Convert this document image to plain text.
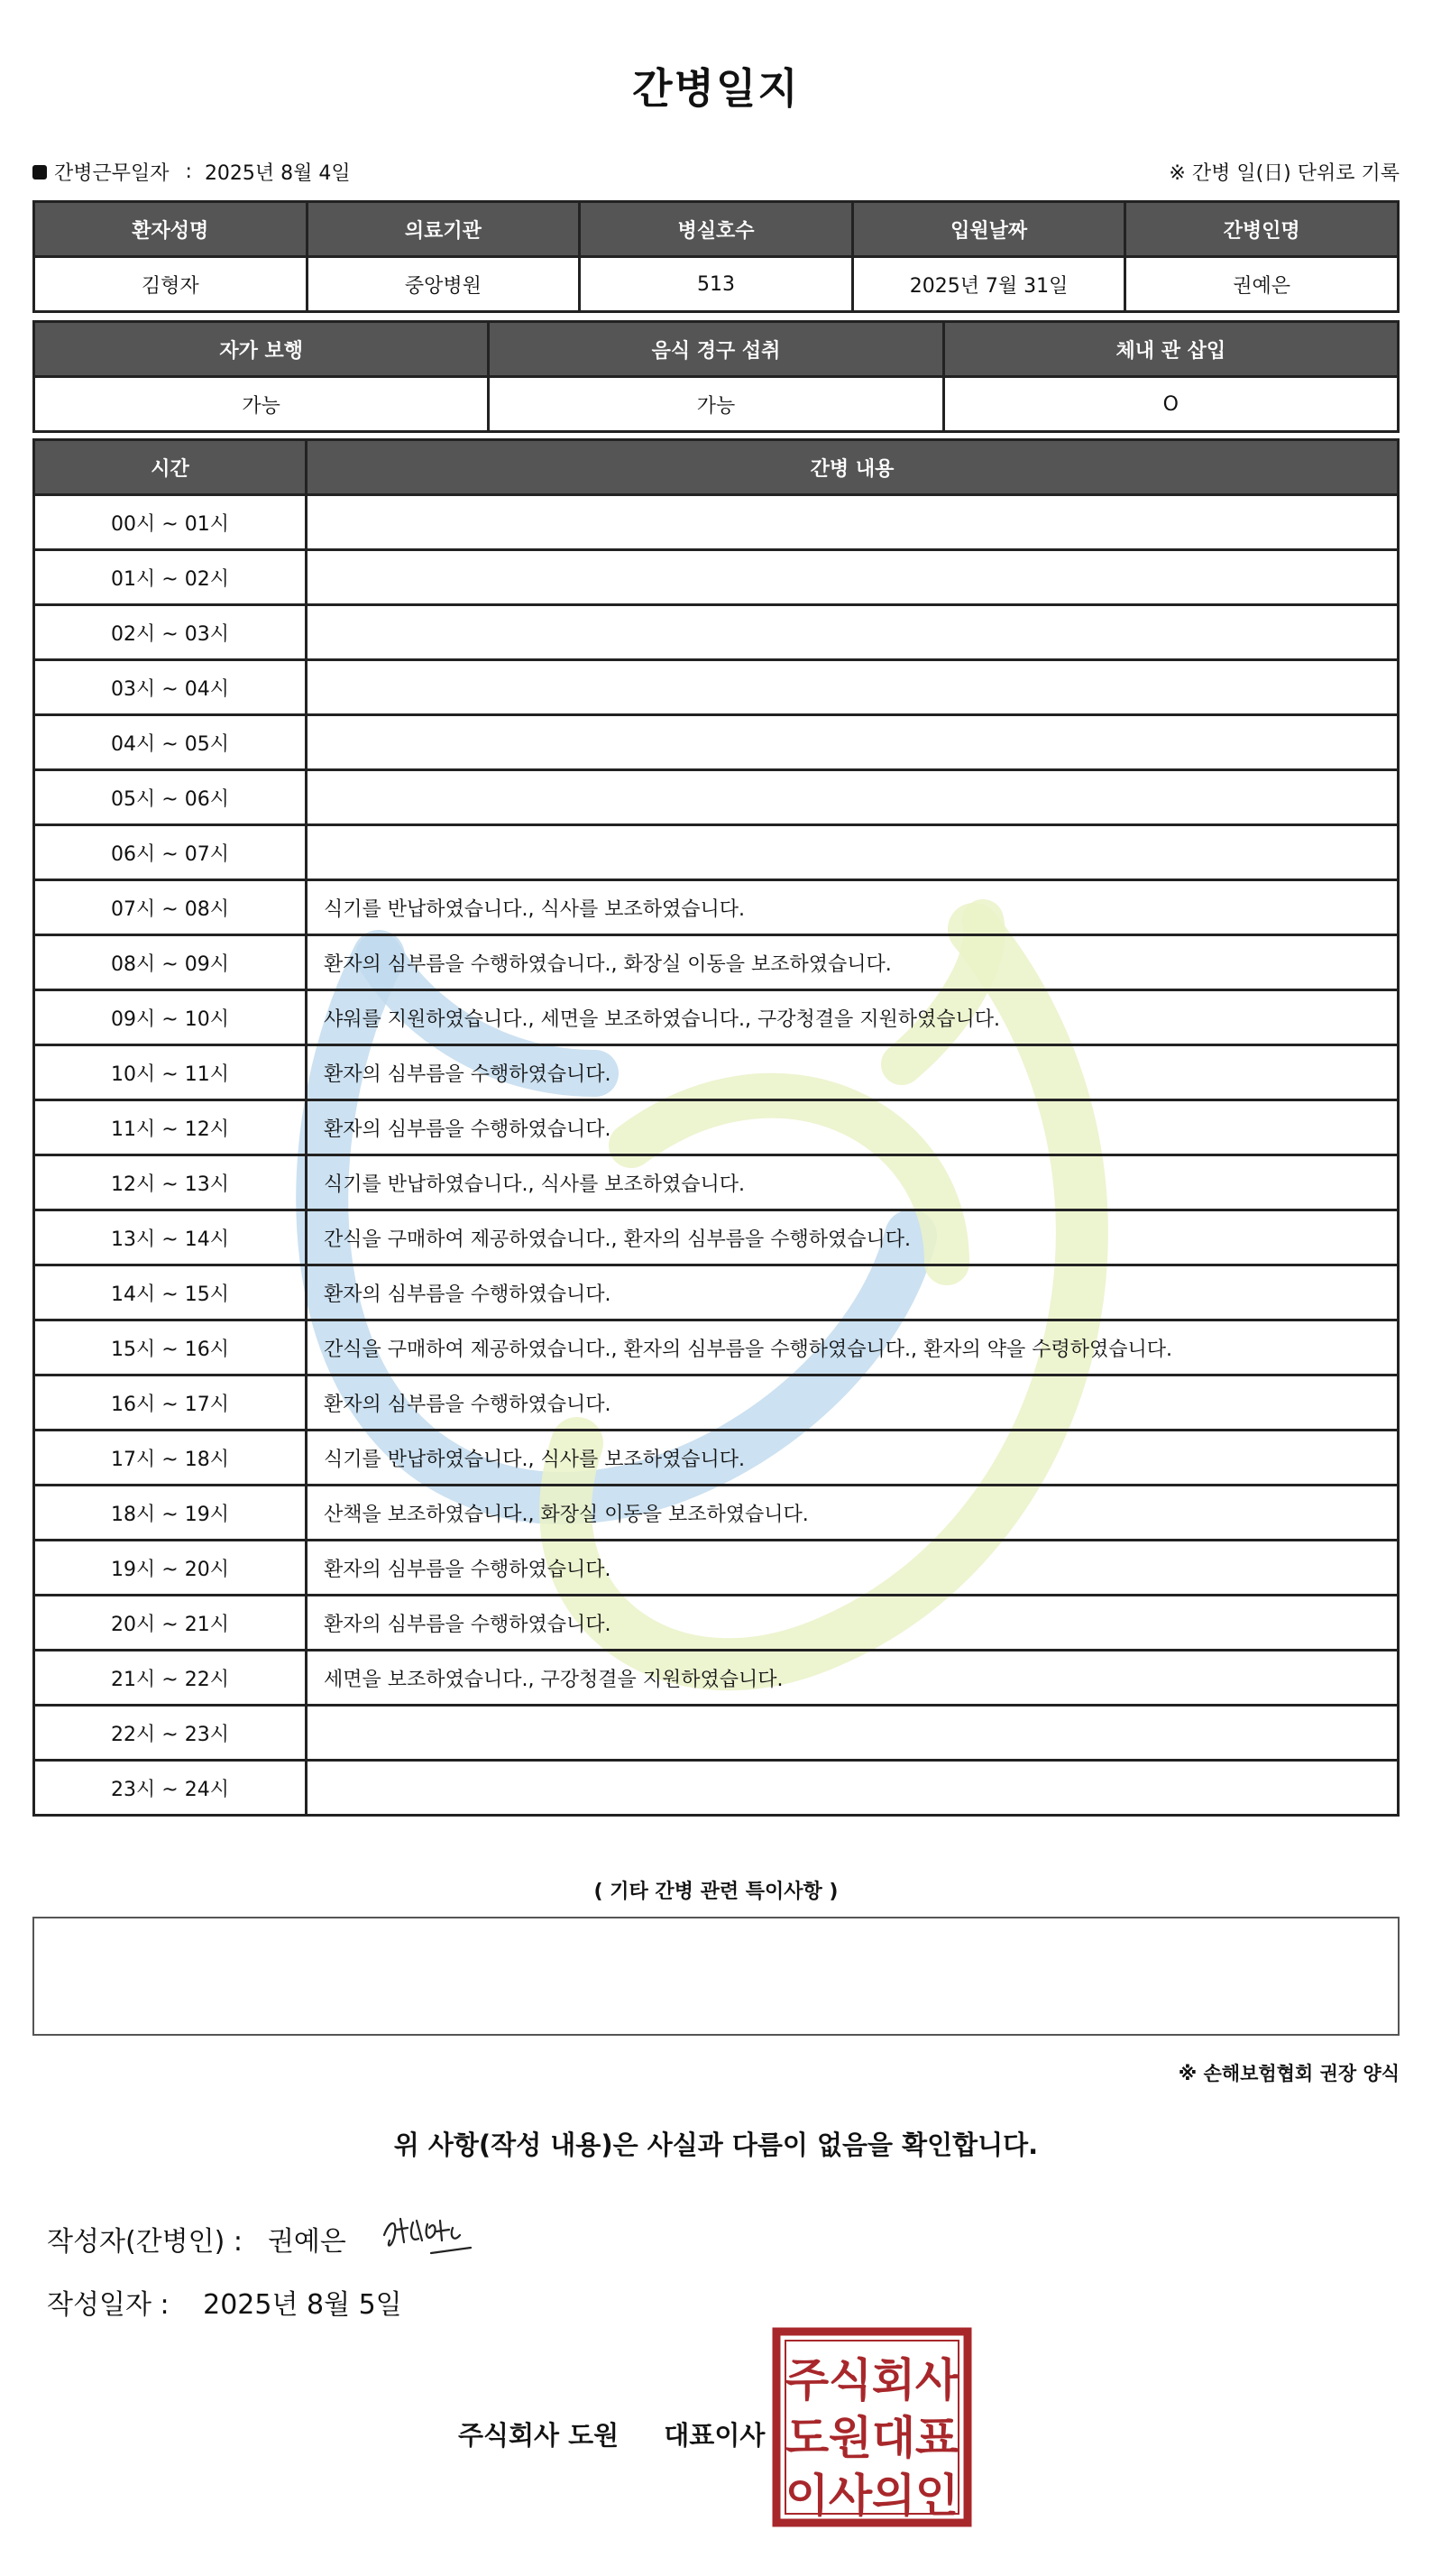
간병일지
간병근무일자 : 2025년 8월 4일	※ 간병 일(日) 단위로 기록
환자성명	의료기관	병실호수	입원날짜	간병인명
김형자	중앙병원	513	2025년 7월 31일	권예은
자가 보행	음식 경구 섭취	체내 관 삽입
가능	가능	O
시간	간병 내용
00시 ~ 01시	
01시 ~ 02시	
02시 ~ 03시	
03시 ~ 04시	
04시 ~ 05시	
05시 ~ 06시	
06시 ~ 07시	
07시 ~ 08시	식기를 반납하였습니다., 식사를 보조하였습니다.
08시 ~ 09시	환자의 심부름을 수행하였습니다., 화장실 이동을 보조하였습니다.
09시 ~ 10시	샤워를 지원하였습니다., 세면을 보조하였습니다., 구강청결을 지원하였습니다.
10시 ~ 11시	환자의 심부름을 수행하였습니다.
11시 ~ 12시	환자의 심부름을 수행하였습니다.
12시 ~ 13시	식기를 반납하였습니다., 식사를 보조하였습니다.
13시 ~ 14시	간식을 구매하여 제공하였습니다., 환자의 심부름을 수행하였습니다.
14시 ~ 15시	환자의 심부름을 수행하였습니다.
15시 ~ 16시	간식을 구매하여 제공하였습니다., 환자의 심부름을 수행하였습니다., 환자의 약을 수령하였습니다.
16시 ~ 17시	환자의 심부름을 수행하였습니다.
17시 ~ 18시	식기를 반납하였습니다., 식사를 보조하였습니다.
18시 ~ 19시	산책을 보조하였습니다., 화장실 이동을 보조하였습니다.
19시 ~ 20시	환자의 심부름을 수행하였습니다.
20시 ~ 21시	환자의 심부름을 수행하였습니다.
21시 ~ 22시	세면을 보조하였습니다., 구강청결을 지원하였습니다.
22시 ~ 23시	
23시 ~ 24시	
( 기타 간병 관련 특이사항 )
※ 손해보험협회 권장 양식
위 사항(작성 내용)은 사실과 다름이 없음을 확인합니다.
작성자(간병인) : 권예은
작성일자 : 2025년 8월 5일
주식회사 도원 대표이사
주 식 회 사
도 원 대 표
이 사 의 인
